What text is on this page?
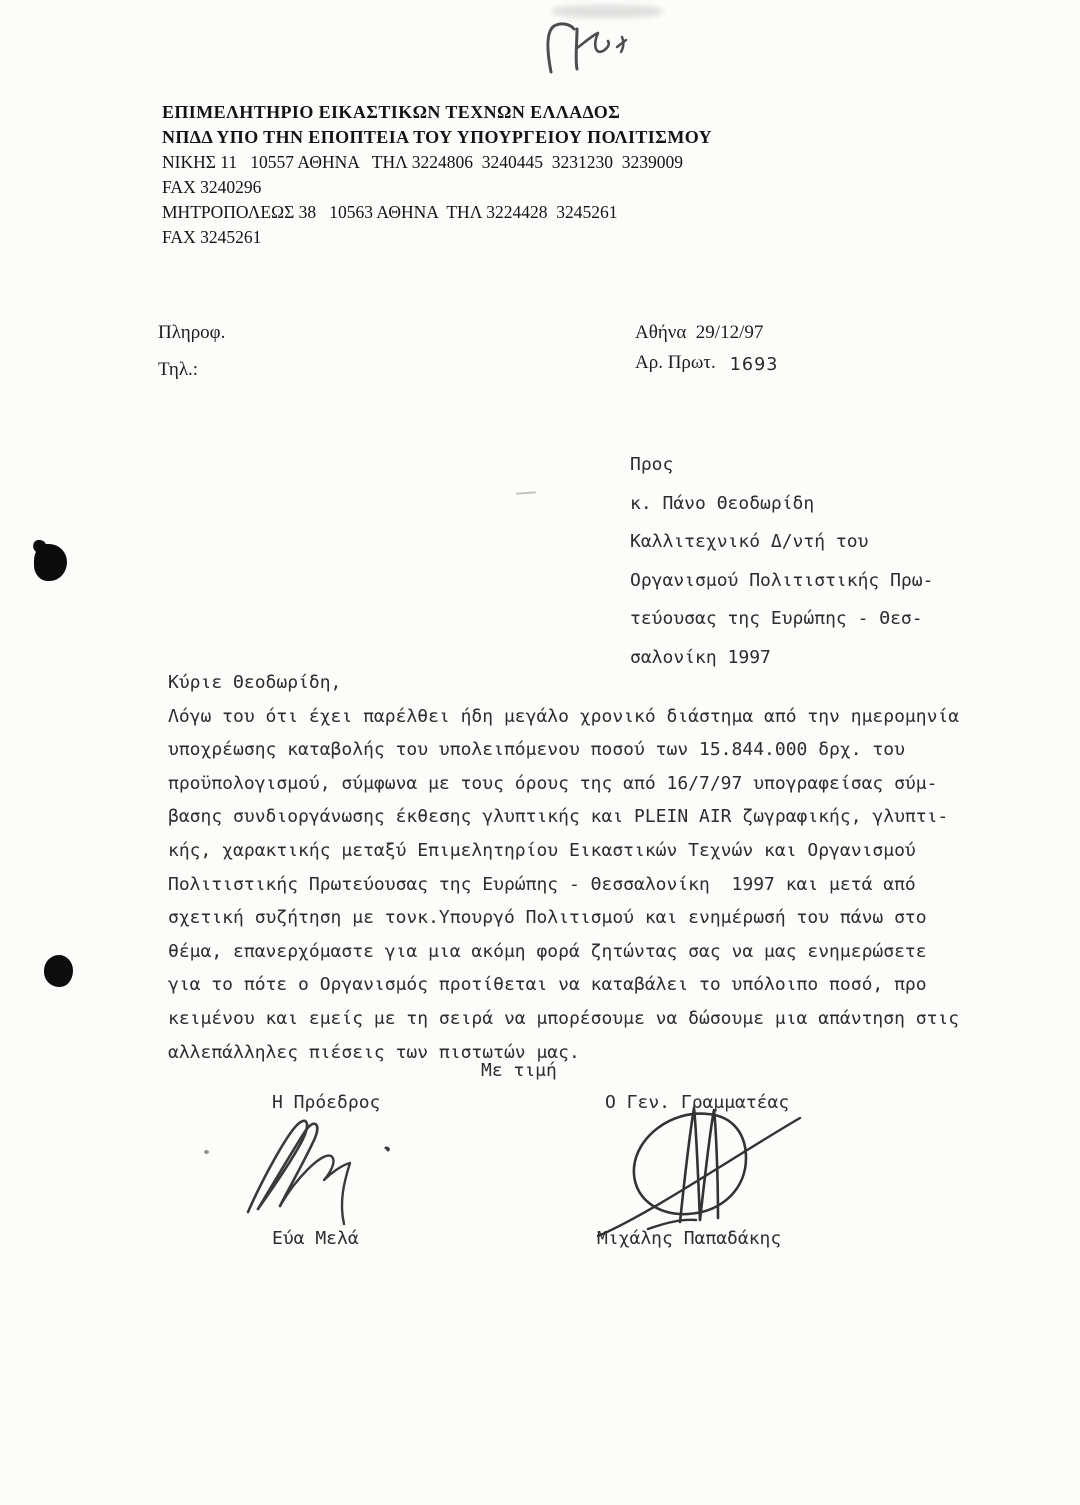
ΕΠΙΜΕΛΗΤΗΡΙΟ ΕΙΚΑΣΤΙΚΩΝ ΤΕΧΝΩΝ ΕΛΛΑΔΟΣ
ΝΠΔΔ ΥΠΟ ΤΗΝ ΕΠΟΠΤΕΙΑ ΤΟΥ ΥΠΟΥΡΓΕΙΟΥ ΠΟΛΙΤΙΣΜΟΥ
ΝΙΚΗΣ 11   10557 ΑΘΗΝΑ   ΤΗΛ 3224806  3240445  3231230  3239009
FAX 3240296
ΜΗΤΡΟΠΟΛΕΩΣ 38   10563 ΑΘΗΝΑ  ΤΗΛ 3224428  3245261
FAX 3245261
Πληροφ.
Τηλ.:
Αθήνα  29/12/97
Αρ. Πρωτ. 1693
Προς
κ. Πάνο Θεοδωρίδη
Καλλιτεχνικό Δ/ντή του
Οργανισμού Πολιτιστικής Πρω-
τεύουσας της Ευρώπης - Θεσ-
σαλονίκη 1997
Κύριε Θεοδωρίδη,
Λόγω του ότι έχει παρέλθει ήδη μεγάλο χρονικό διάστημα από την ημερομηνία
υποχρέωσης καταβολής του υπολειπόμενου ποσού των 15.844.000 δρχ. του
προϋπολογισμού, σύμφωνα με τους όρους της από 16/7/97 υπογραφείσας σύμ-
βασης συνδιοργάνωσης έκθεσης γλυπτικής και PLEIN AIR ζωγραφικής, γλυπτι-
κής, χαρακτικής μεταξύ Επιμελητηρίου Εικαστικών Τεχνών και Οργανισμού
Πολιτιστικής Πρωτεύουσας της Ευρώπης - Θεσσαλονίκη  1997 και μετά από
σχετική συζήτηση με τονκ.Υπουργό Πολιτισμού και ενημέρωσή του πάνω στο
θέμα, επανερχόμαστε για μια ακόμη φορά ζητώντας σας να μας ενημερώσετε
για το πότε ο Οργανισμός προτίθεται να καταβάλει το υπόλοιπο ποσό, προ
κειμένου και εμείς με τη σειρά να μπορέσουμε να δώσουμε μια απάντηση στις
αλλεπάλληλες πιέσεις των πιστωτών μας.
Με τιμή
Η Πρόεδρος	Ο Γεν. Γραμματέας
Εύα Μελά	Μιχάλης Παπαδάκης
